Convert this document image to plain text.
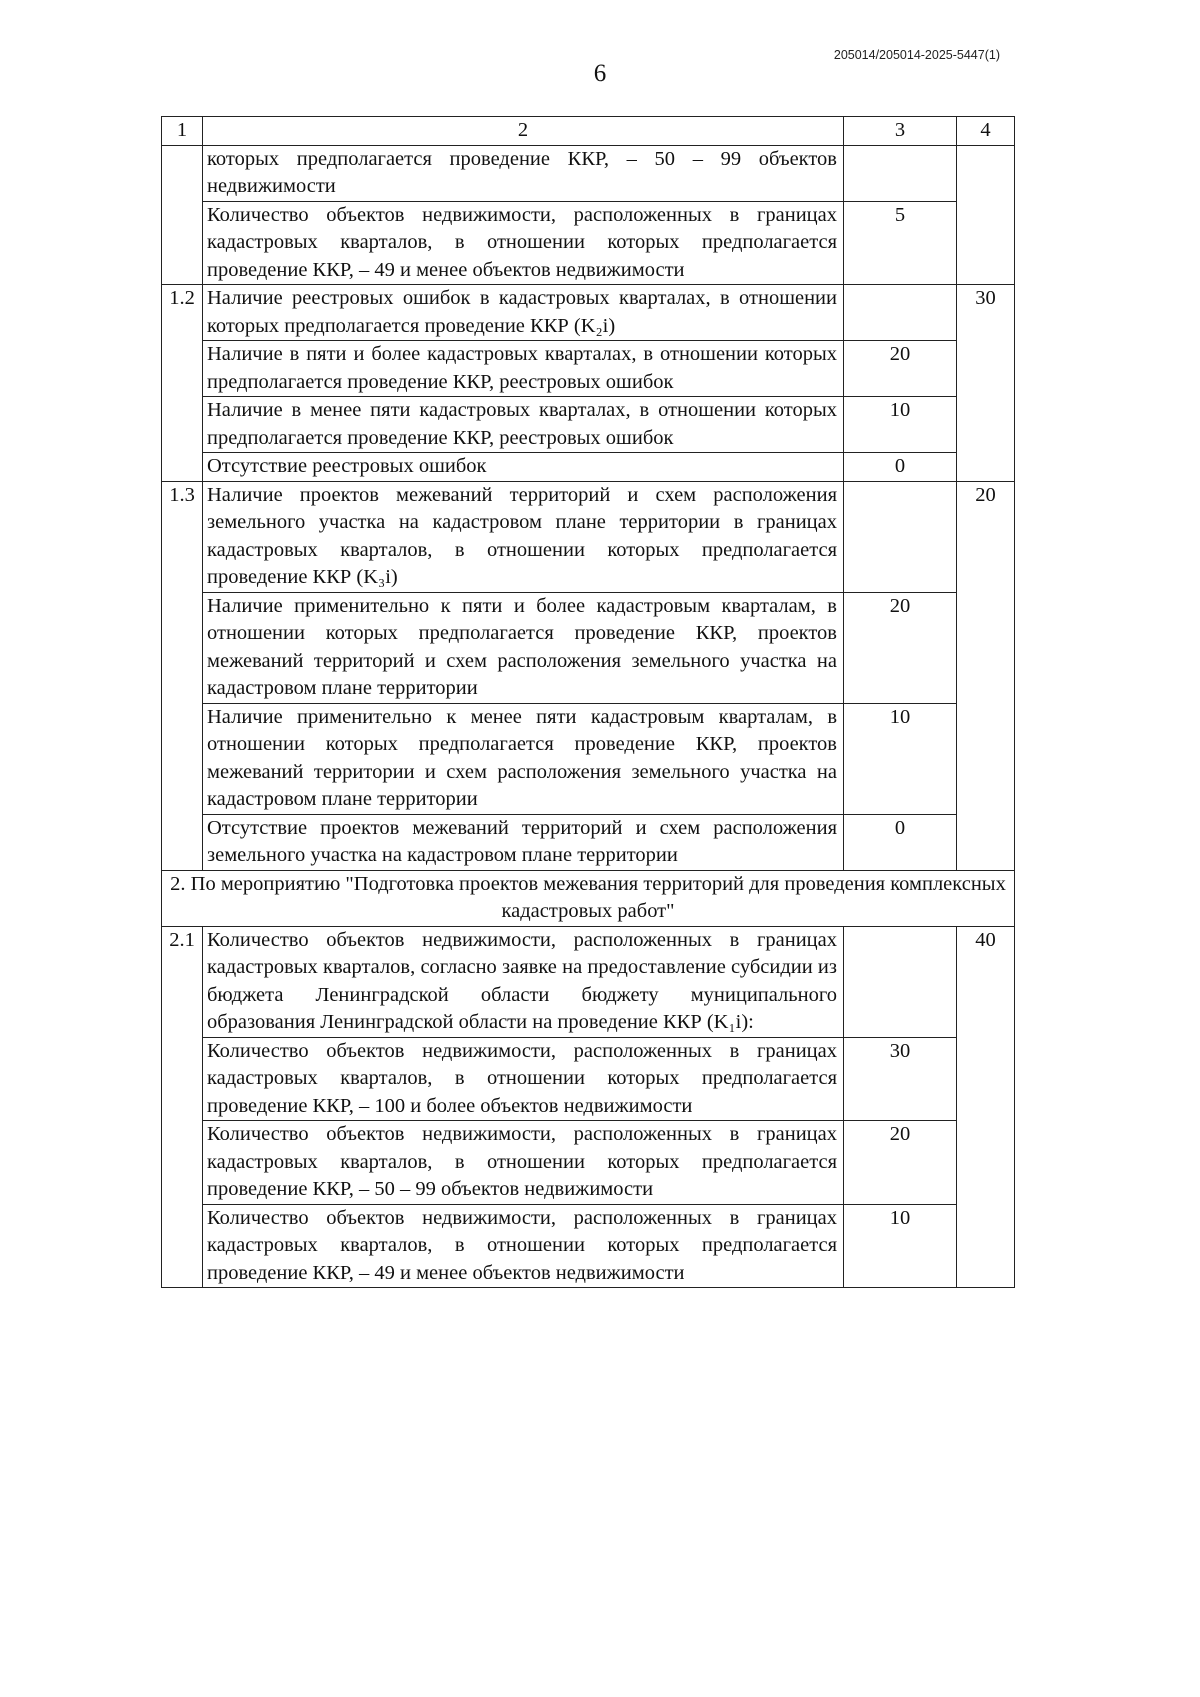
205014/205014-2025-5447(1)
6
1	2	3	4
	которых предполагается проведение ККР, – 50 – 99 объектов недвижимости		
	Количество объектов недвижимости, расположенных в границах кадастровых кварталов, в отношении которых предполагается проведение ККР, – 49 и менее объектов недвижимости	5	
1.2	Наличие реестровых ошибок в кадастровых кварталах, в отношении которых предполагается проведение ККР (K₂i)		30
	Наличие в пяти и более кадастровых кварталах, в отношении которых предполагается проведение ККР, реестровых ошибок	20	
	Наличие в менее пяти кадастровых кварталах, в отношении которых предполагается проведение ККР, реестровых ошибок	10	
	Отсутствие реестровых ошибок	0	
1.3	Наличие проектов межеваний территорий и схем расположения земельного участка на кадастровом плане территории в границах кадастровых кварталов, в отношении которых предполагается проведение ККР (K₃i)		20
	Наличие применительно к пяти и более кадастровым кварталам, в отношении которых предполагается проведение ККР, проектов межеваний территорий и схем расположения земельного участка на кадастровом плане территории	20	
	Наличие применительно к менее пяти кадастровым кварталам, в отношении которых предполагается проведение ККР, проектов межеваний территории и схем расположения земельного участка на кадастровом плане территории	10	
	Отсутствие проектов межеваний территорий и схем расположения земельного участка на кадастровом плане территории	0	
2. По мероприятию "Подготовка проектов межевания территорий для проведения комплексных кадастровых работ"			
2.1	Количество объектов недвижимости, расположенных в границах кадастровых кварталов, согласно заявке на предоставление субсидии из бюджета Ленинградской области бюджету муниципального образования Ленинградской области на проведение ККР (K₁i):		40
	Количество объектов недвижимости, расположенных в границах кадастровых кварталов, в отношении которых предполагается проведение ККР, – 100 и более объектов недвижимости	30	
	Количество объектов недвижимости, расположенных в границах кадастровых кварталов, в отношении которых предполагается проведение ККР, – 50 – 99 объектов недвижимости	20	
	Количество объектов недвижимости, расположенных в границах кадастровых кварталов, в отношении которых предполагается проведение ККР, – 49 и менее объектов недвижимости	10	
